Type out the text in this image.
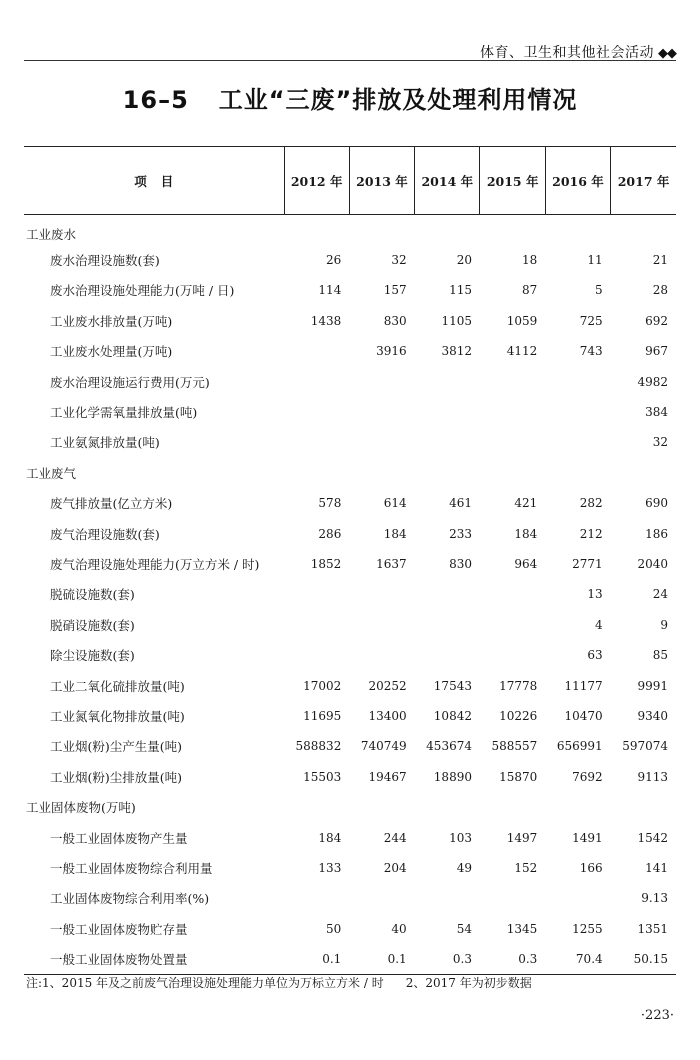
体育、卫生和其他社会活动 ◆◆
16–5 工业“三废”排放及处理利用情况
项目	2012 年	2013 年	2014 年	2015 年	2016 年	2017 年
工业废水						
废水治理设施数(套)	26	32	20	18	11	21
废水治理设施处理能力(万吨 / 日)	114	157	115	87	5	28
工业废水排放量(万吨)	1438	830	1105	1059	725	692
工业废水处理量(万吨)		3916	3812	4112	743	967
废水治理设施运行费用(万元)						4982
工业化学需氧量排放量(吨)						384
工业氨氮排放量(吨)						32
工业废气						
废气排放量(亿立方米)	578	614	461	421	282	690
废气治理设施数(套)	286	184	233	184	212	186
废气治理设施处理能力(万立方米 / 时)	1852	1637	830	964	2771	2040
脱硫设施数(套)					13	24
脱硝设施数(套)					4	9
除尘设施数(套)					63	85
工业二氧化硫排放量(吨)	17002	20252	17543	17778	11177	9991
工业氮氧化物排放量(吨)	11695	13400	10842	10226	10470	9340
工业烟(粉)尘产生量(吨)	588832	740749	453674	588557	656991	597074
工业烟(粉)尘排放量(吨)	15503	19467	18890	15870	7692	9113
工业固体废物(万吨)						
一般工业固体废物产生量	184	244	103	1497	1491	1542
一般工业固体废物综合利用量	133	204	49	152	166	141
工业固体废物综合利用率(%)						9.13
一般工业固体废物贮存量	50	40	54	1345	1255	1351
一般工业固体废物处置量	0.1	0.1	0.3	0.3	70.4	50.15
注:1、2015 年及之前废气治理设施处理能力单位为万标立方米 / 时 2、2017 年为初步数据
·223·
